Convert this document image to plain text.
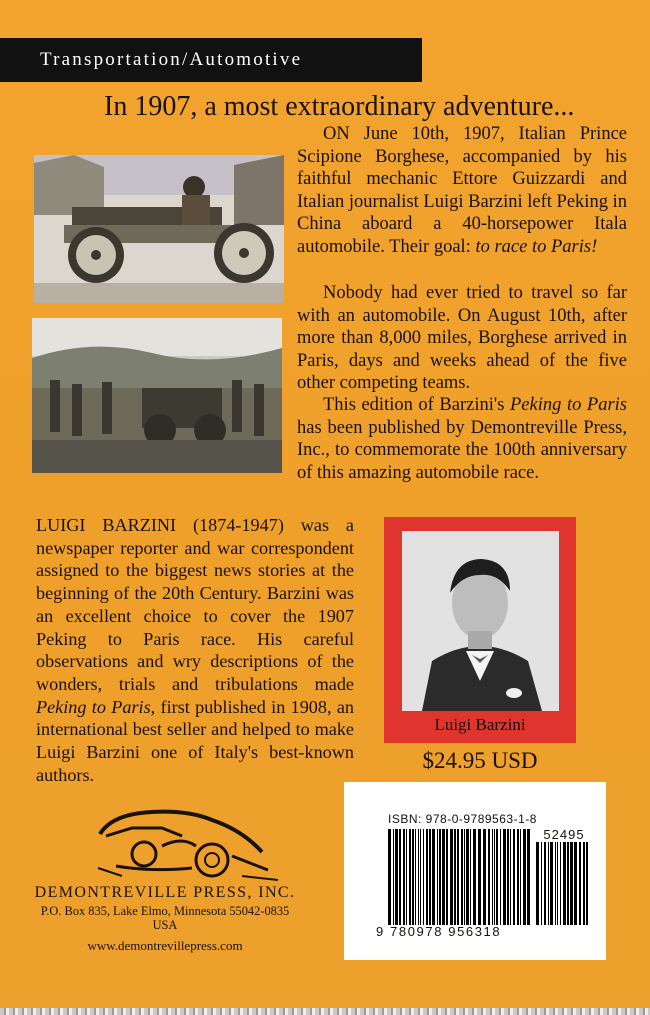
Transportation/Automotive
In 1907, a most extraordinary adventure...

ON June 10th, 1907, Italian Prince Scipione Borghese, accompanied by his faithful mechanic Ettore Guizzardi and Italian journalist Luigi Barzini left Peking in China aboard a 40-horsepower Itala automobile. Their goal: to race to Paris!

Nobody had ever tried to travel so far with an automobile. On August 10th, after more than 8,000 miles, Borghese arrived in Paris, days and weeks ahead of the five other competing teams.

This edition of Barzini's Peking to Paris has been published by Demontreville Press, Inc., to commemorate the 100th anniversary of this amazing automobile race.

LUIGI BARZINI (1874-1947) was a newspaper reporter and war correspondent assigned to the biggest news stories at the beginning of the 20th Century. Barzini was an excellent choice to cover the 1907 Peking to Paris race. His careful observations and wry descriptions of the wonders, trials and tribulations made Peking to Paris, first published in 1908, an international best seller and helped to make Luigi Barzini one of Italy's best-known authors.

Luigi Barzini
$24.95 USD
ISBN: 978-0-9789563-1-8
52495
9 780978 956318
DEMONTREVILLE PRESS, INC.
P.O. Box 835, Lake Elmo, Minnesota 55042-0835
USA
www.demontrevillepress.com
